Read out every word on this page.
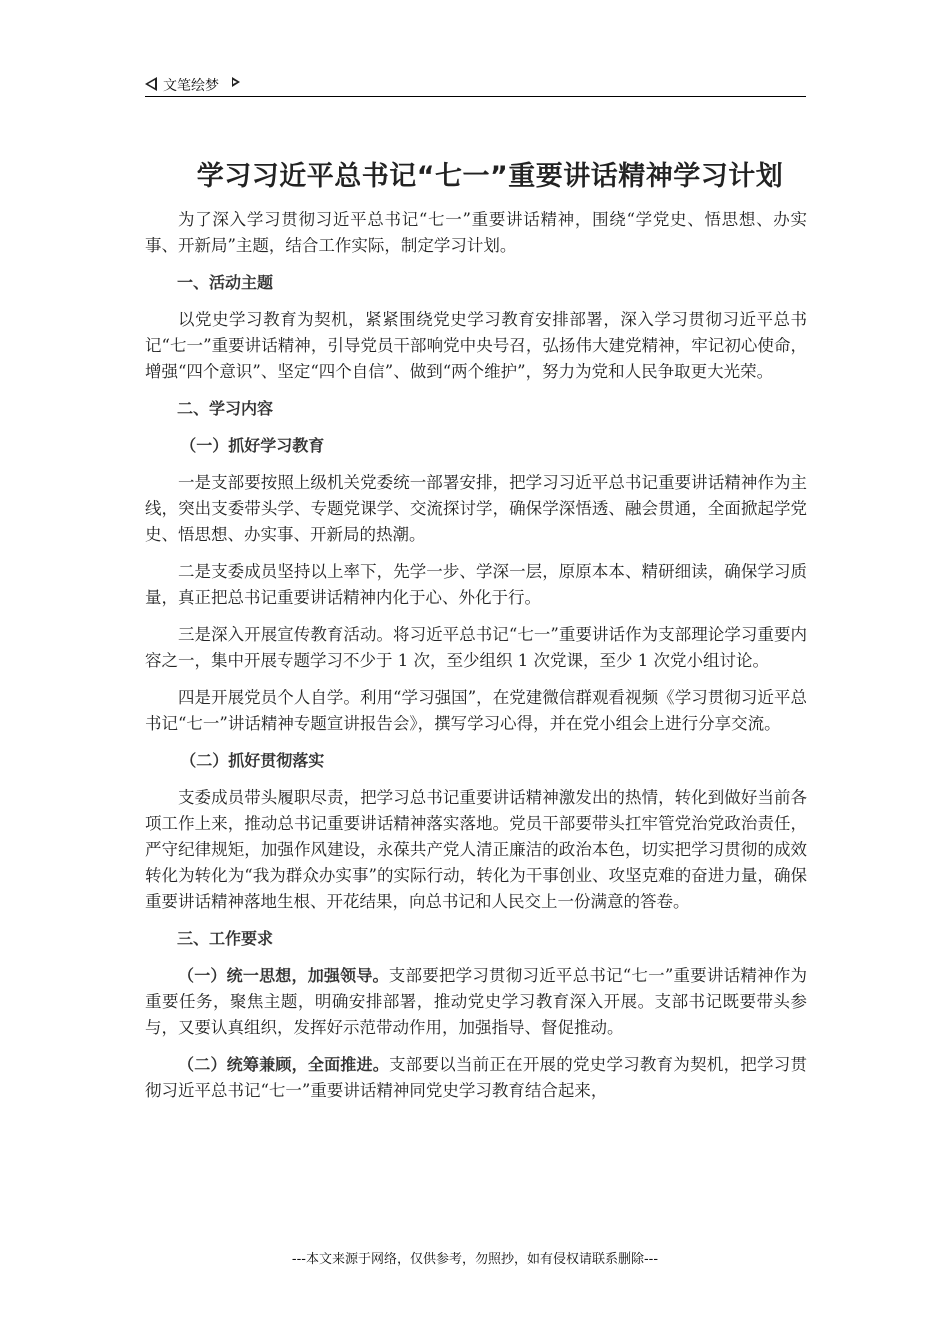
文笔绘梦
学习习近平总书记“七一”重要讲话精神学习计划

为了深入学习贯彻习近平总书记“七一”重要讲话精神，围绕“学党史、悟思想、办实事、开新局”主题，结合工作实际，制定学习计划。

一、活动主题

以党史学习教育为契机，紧紧围绕党史学习教育安排部署，深入学习贯彻习近平总书记“七一”重要讲话精神，引导党员干部响党中央号召，弘扬伟大建党精神，牢记初心使命，增强“四个意识”、坚定“四个自信”、做到“两个维护”，努力为党和人民争取更大光荣。

二、学习内容
（一）抓好学习教育

一是支部要按照上级机关党委统一部署安排，把学习习近平总书记重要讲话精神作为主线，突出支委带头学、专题党课学、交流探讨学，确保学深悟透、融会贯通，全面掀起学党史、悟思想、办实事、开新局的热潮。

二是支委成员坚持以上率下，先学一步、学深一层，原原本本、精研细读，确保学习质量，真正把总书记重要讲话精神内化于心、外化于行。

三是深入开展宣传教育活动。将习近平总书记“七一”重要讲话作为支部理论学习重要内容之一，集中开展专题学习不少于 1 次，至少组织 1 次党课，至少 1 次党小组讨论。

四是开展党员个人自学。利用“学习强国”，在党建微信群观看视频《学习贯彻习近平总书记“七一”讲话精神专题宣讲报告会》，撰写学习心得，并在党小组会上进行分享交流。

（二）抓好贯彻落实

支委成员带头履职尽责，把学习总书记重要讲话精神激发出的热情，转化到做好当前各项工作上来，推动总书记重要讲话精神落实落地。党员干部要带头扛牢管党治党政治责任，严守纪律规矩，加强作风建设，永葆共产党人清正廉洁的政治本色，切实把学习贯彻的成效转化为转化为“我为群众办实事”的实际行动，转化为干事创业、攻坚克难的奋进力量，确保重要讲话精神落地生根、开花结果，向总书记和人民交上一份满意的答卷。

三、工作要求

（一）统一思想，加强领导。支部要把学习贯彻习近平总书记“七一”重要讲话精神作为重要任务，聚焦主题，明确安排部署，推动党史学习教育深入开展。支部书记既要带头参与，又要认真组织，发挥好示范带动作用，加强指导、督促推动。

（二）统筹兼顾，全面推进。支部要以当前正在开展的党史学习教育为契机，把学习贯彻习近平总书记“七一”重要讲话精神同党史学习教育结合起来，

---本文来源于网络，仅供参考，勿照抄，如有侵权请联系删除---
